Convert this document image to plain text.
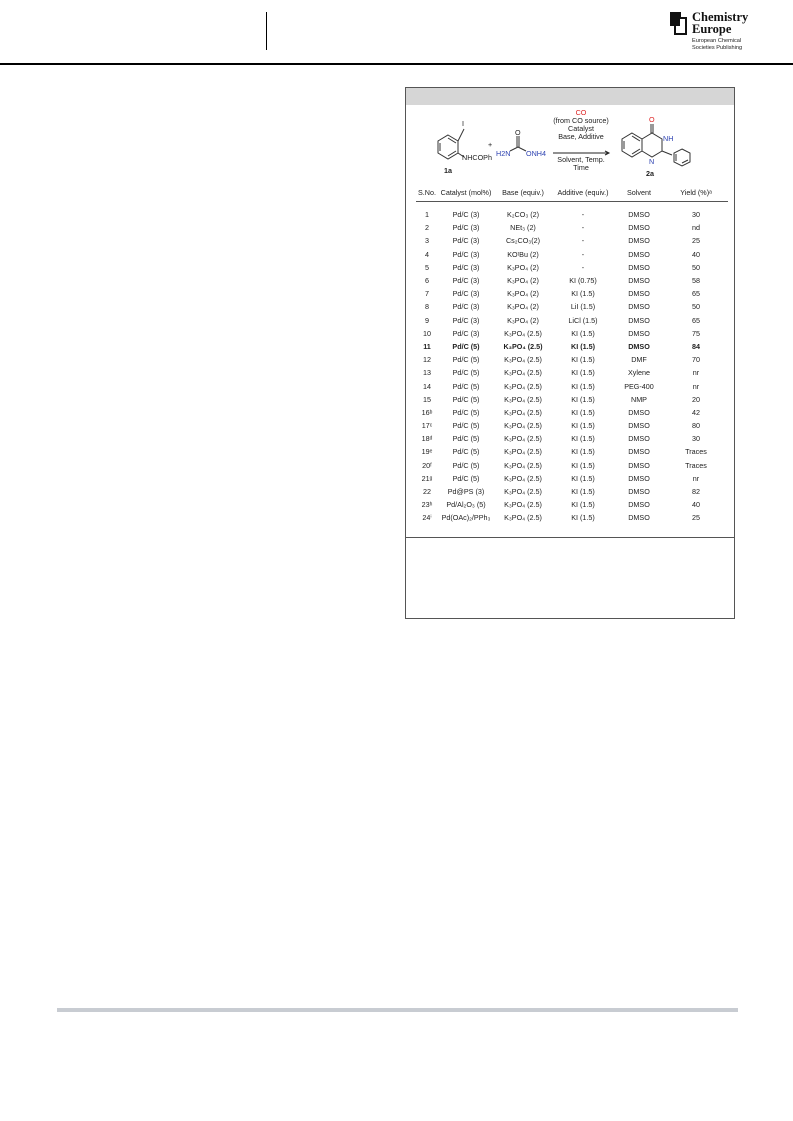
Chemistry
Europe
European Chemical
Societies Publishing
I
NHCOPh
1a
+
O
H2N ONH4
CO
(from CO source)
Catalyst
Base, Additive
Solvent, Temp.
Time
O
NH
N
2a
S.No.	Catalyst (mol%)	Base (equiv.)	Additive (equiv.)	Solvent	Yield (%)ᵃ
1	Pd/C (3)	K₂CO₃ (2)	-	DMSO	30
2	Pd/C (3)	NEt₃ (2)	-	DMSO	nd
3	Pd/C (3)	Cs₂CO₃(2)	-	DMSO	25
4	Pd/C (3)	KOᵗBu (2)	-	DMSO	40
5	Pd/C (3)	K₃PO₄ (2)	-	DMSO	50
6	Pd/C (3)	K₃PO₄ (2)	KI (0.75)	DMSO	58
7	Pd/C (3)	K₃PO₄ (2)	KI (1.5)	DMSO	65
8	Pd/C (3)	K₃PO₄ (2)	LiI (1.5)	DMSO	50
9	Pd/C (3)	K₃PO₄ (2)	LiCl (1.5)	DMSO	65
10	Pd/C (3)	K₃PO₄ (2.5)	KI (1.5)	DMSO	75
11	Pd/C (5)	K₃PO₄ (2.5)	KI (1.5)	DMSO	84
12	Pd/C (5)	K₃PO₄ (2.5)	KI (1.5)	DMF	70
13	Pd/C (5)	K₃PO₄ (2.5)	KI (1.5)	Xylene	nr
14	Pd/C (5)	K₃PO₄ (2.5)	KI (1.5)	PEG-400	nr
15	Pd/C (5)	K₃PO₄ (2.5)	KI (1.5)	NMP	20
16ᵇ	Pd/C (5)	K₃PO₄ (2.5)	KI (1.5)	DMSO	42
17ᶜ	Pd/C (5)	K₃PO₄ (2.5)	KI (1.5)	DMSO	80
18ᵈ	Pd/C (5)	K₃PO₄ (2.5)	KI (1.5)	DMSO	30
19ᵉ	Pd/C (5)	K₃PO₄ (2.5)	KI (1.5)	DMSO	Traces
20ᶠ	Pd/C (5)	K₃PO₄ (2.5)	KI (1.5)	DMSO	Traces
21ᵍ	Pd/C (5)	K₃PO₄ (2.5)	KI (1.5)	DMSO	nr
22	Pd@PS (3)	K₃PO₄ (2.5)	KI (1.5)	DMSO	82
23ʰ	Pd/Al₂O₃ (5)	K₃PO₄ (2.5)	KI (1.5)	DMSO	40
24ⁱ	Pd(OAc)₂/PPh₃	K₃PO₄ (2.5)	KI (1.5)	DMSO	25
